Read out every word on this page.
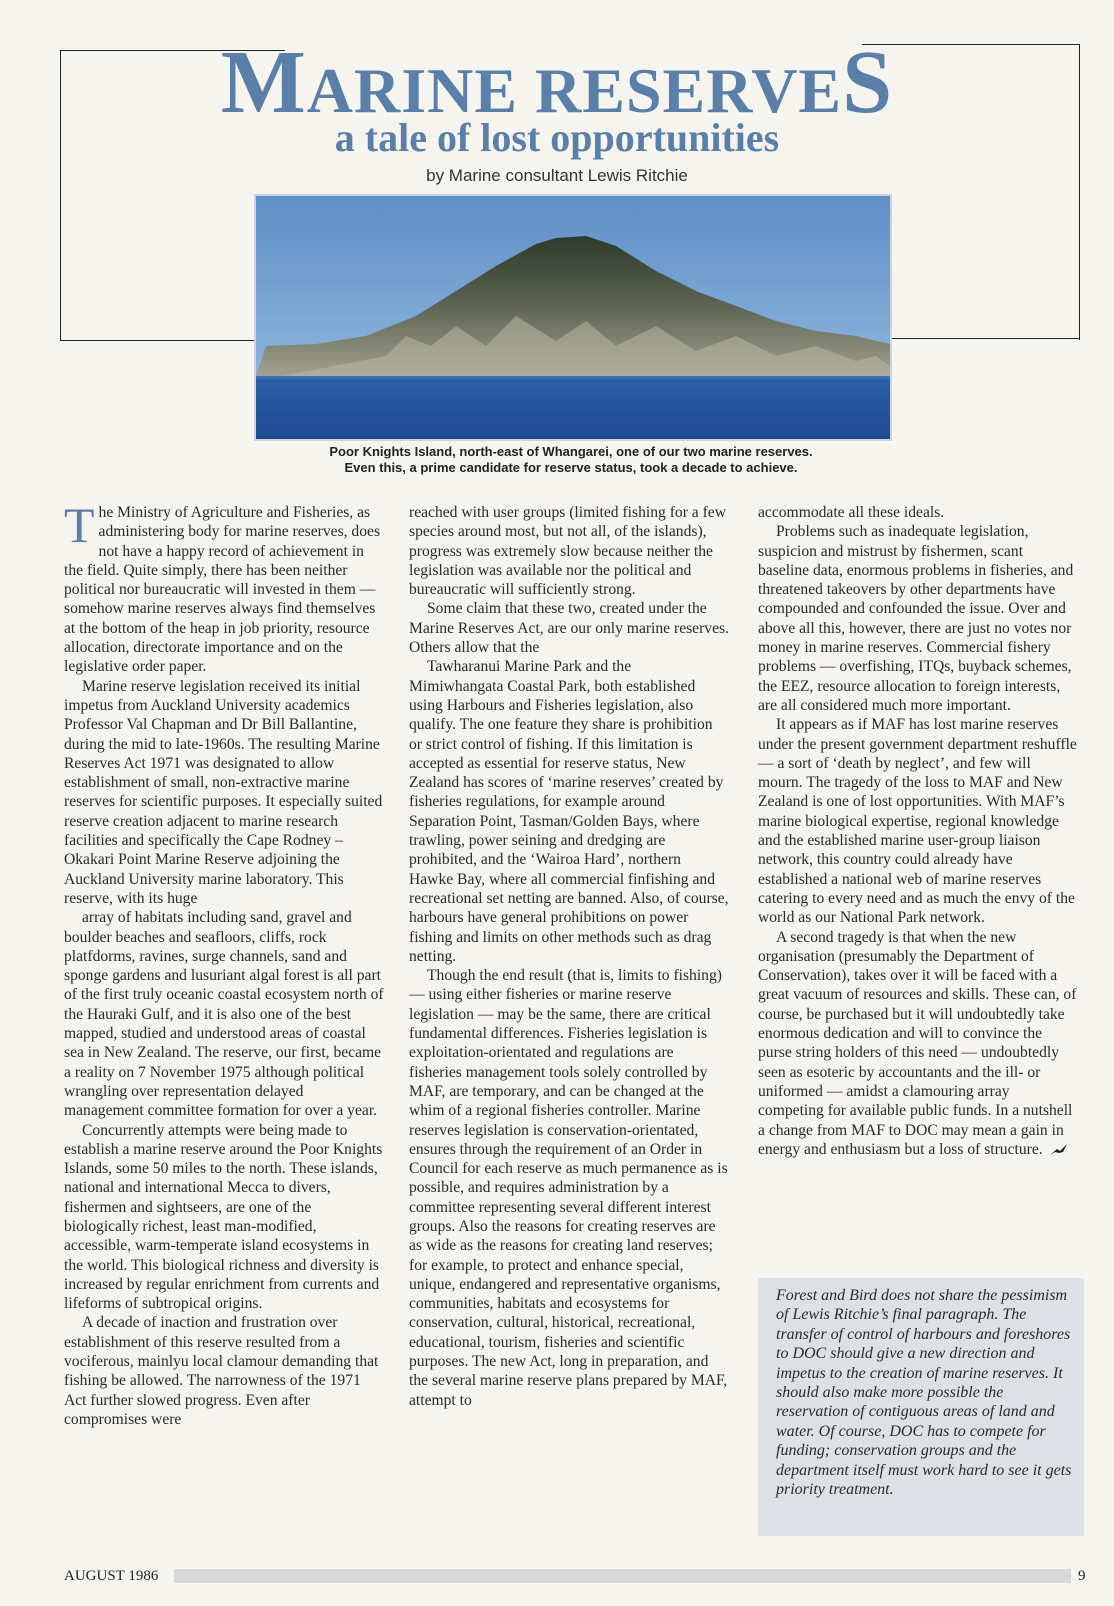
MARINE RESERVES
a tale of lost opportunities
by Marine consultant Lewis Ritchie
Poor Knights Island, north-east of Whangarei, one of our two marine reserves.
Even this, a prime candidate for reserve status, took a decade to achieve.

The Ministry of Agriculture and Fisheries, as administering body for marine reserves, does not have a happy record of achievement in the field. Quite simply, there has been neither political nor bureaucratic will invested in them — somehow marine reserves always find themselves at the bottom of the heap in job priority, resource allocation, directorate importance and on the legislative order paper.

Marine reserve legislation received its initial impetus from Auckland University academics Professor Val Chapman and Dr Bill Ballantine, during the mid to late-1960s. The resulting Marine Reserves Act 1971 was designated to allow establishment of small, non-extractive marine reserves for scientific purposes. It especially suited reserve creation adjacent to marine research facilities and specifically the Cape Rodney – Okakari Point Marine Reserve adjoining the Auckland University marine laboratory. This reserve, with its huge

array of habitats including sand, gravel and boulder beaches and seafloors, cliffs, rock platfdorms, ravines, surge channels, sand and sponge gardens and lusuriant algal forest is all part of the first truly oceanic coastal ecosystem north of the Hauraki Gulf, and it is also one of the best mapped, studied and understood areas of coastal sea in New Zealand. The reserve, our first, became a reality on 7 November 1975 although political wrangling over representation delayed management committee formation for over a year.

Concurrently attempts were being made to establish a marine reserve around the Poor Knights Islands, some 50 miles to the north. These islands, national and international Mecca to divers, fishermen and sightseers, are one of the biologically richest, least man-modified, accessible, warm-temperate island ecosystems in the world. This biological richness and diversity is increased by regular enrichment from currents and lifeforms of subtropical origins.

A decade of inaction and frustration over establishment of this reserve resulted from a vociferous, mainlyu local clamour demanding that fishing be allowed. The narrowness of the 1971 Act further slowed progress. Even after compromises were

reached with user groups (limited fishing for a few species around most, but not all, of the islands), progress was extremely slow because neither the legislation was available nor the political and bureaucratic will sufficiently strong.

Some claim that these two, created under the Marine Reserves Act, are our only marine reserves. Others allow that the

Tawharanui Marine Park and the Mimiwhangata Coastal Park, both established using Harbours and Fisheries legislation, also qualify. The one feature they share is prohibition or strict control of fishing. If this limitation is accepted as essential for reserve status, New Zealand has scores of ‘marine reserves’ created by fisheries regulations, for example around Separation Point, Tasman/Golden Bays, where trawling, power seining and dredging are prohibited, and the ‘Wairoa Hard’, northern Hawke Bay, where all commercial finfishing and recreational set netting are banned. Also, of course, harbours have general prohibitions on power fishing and limits on other methods such as drag netting.

Though the end result (that is, limits to fishing) — using either fisheries or marine reserve legislation — may be the same, there are critical fundamental differences. Fisheries legislation is exploitation-orientated and regulations are fisheries management tools solely controlled by MAF, are temporary, and can be changed at the whim of a regional fisheries controller. Marine reserves legislation is conservation-orientated, ensures through the requirement of an Order in Council for each reserve as much permanence as is possible, and requires administration by a committee representing several different interest groups. Also the reasons for creating reserves are as wide as the reasons for creating land reserves; for example, to protect and enhance special, unique, endangered and representative organisms, communities, habitats and ecosystems for conservation, cultural, historical, recreational, educational, tourism, fisheries and scientific purposes. The new Act, long in preparation, and the several marine reserve plans prepared by MAF, attempt to

accommodate all these ideals.

Problems such as inadequate legislation, suspicion and mistrust by fishermen, scant baseline data, enormous problems in fisheries, and threatened takeovers by other departments have compounded and confounded the issue. Over and above all this, however, there are just no votes nor money in marine reserves. Commercial fishery problems — overfishing, ITQs, buyback schemes, the EEZ, resource allocation to foreign interests, are all considered much more important.

It appears as if MAF has lost marine reserves under the present government department reshuffle — a sort of ‘death by neglect’, and few will mourn. The tragedy of the loss to MAF and New Zealand is one of lost opportunities. With MAF’s marine biological expertise, regional knowledge and the established marine user-group liaison network, this country could already have established a national web of marine reserves catering to every need and as much the envy of the world as our National Park network.

A second tragedy is that when the new organisation (presumably the Department of Conservation), takes over it will be faced with a great vacuum of resources and skills. These can, of course, be purchased but it will undoubtedly take enormous dedication and will to convince the purse string holders of this need — undoubtedly seen as esoteric by accountants and the ill- or uniformed — amidst a clamouring array competing for available public funds. In a nutshell a change from MAF to DOC may mean a gain in energy and enthusiasm but a loss of structure.

Forest and Bird does not share the pessimism of Lewis Ritchie’s final paragraph. The transfer of control of harbours and foreshores to DOC should give a new direction and impetus to the creation of marine reserves. It should also make more possible the reservation of contiguous areas of land and water. Of course, DOC has to compete for funding; conservation groups and the department itself must work hard to see it gets priority treatment.
AUGUST 1986	9
